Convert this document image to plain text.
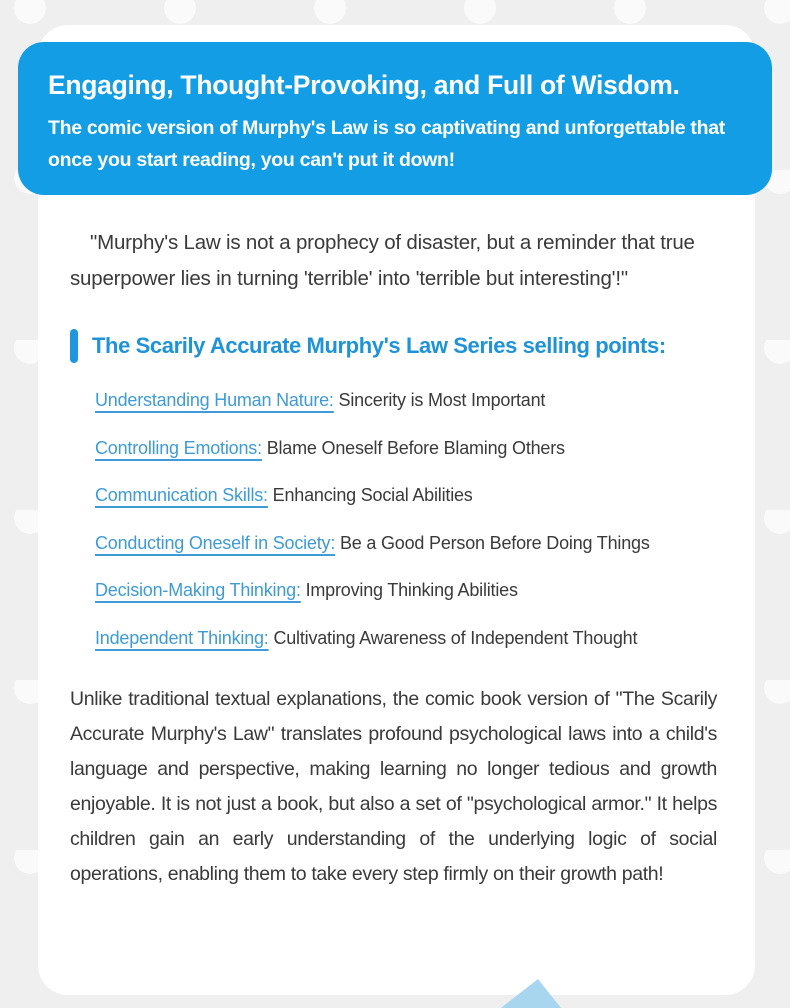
Engaging, Thought-Provoking, and Full of Wisdom.
The comic version of Murphy's Law is so captivating and unforgettable that once you start reading, you can't put it down!

"Murphy's Law is not a prophecy of disaster, but a reminder that true superpower lies in turning 'terrible' into 'terrible but interesting'!"

The Scarily Accurate Murphy's Law Series selling points:
Understanding Human Nature: Sincerity is Most Important
Controlling Emotions: Blame Oneself Before Blaming Others
Communication Skills: Enhancing Social Abilities
Conducting Oneself in Society: Be a Good Person Before Doing Things
Decision-Making Thinking: Improving Thinking Abilities
Independent Thinking: Cultivating Awareness of Independent Thought

Unlike traditional textual explanations, the comic book version of "The Scarily Accurate Murphy's Law" translates profound psychological laws into a child's language and perspective, making learning no longer tedious and growth enjoyable. It is not just a book, but also a set of "psychological armor." It helps children gain an early understanding of the underlying logic of social operations, enabling them to take every step firmly on their growth path!
